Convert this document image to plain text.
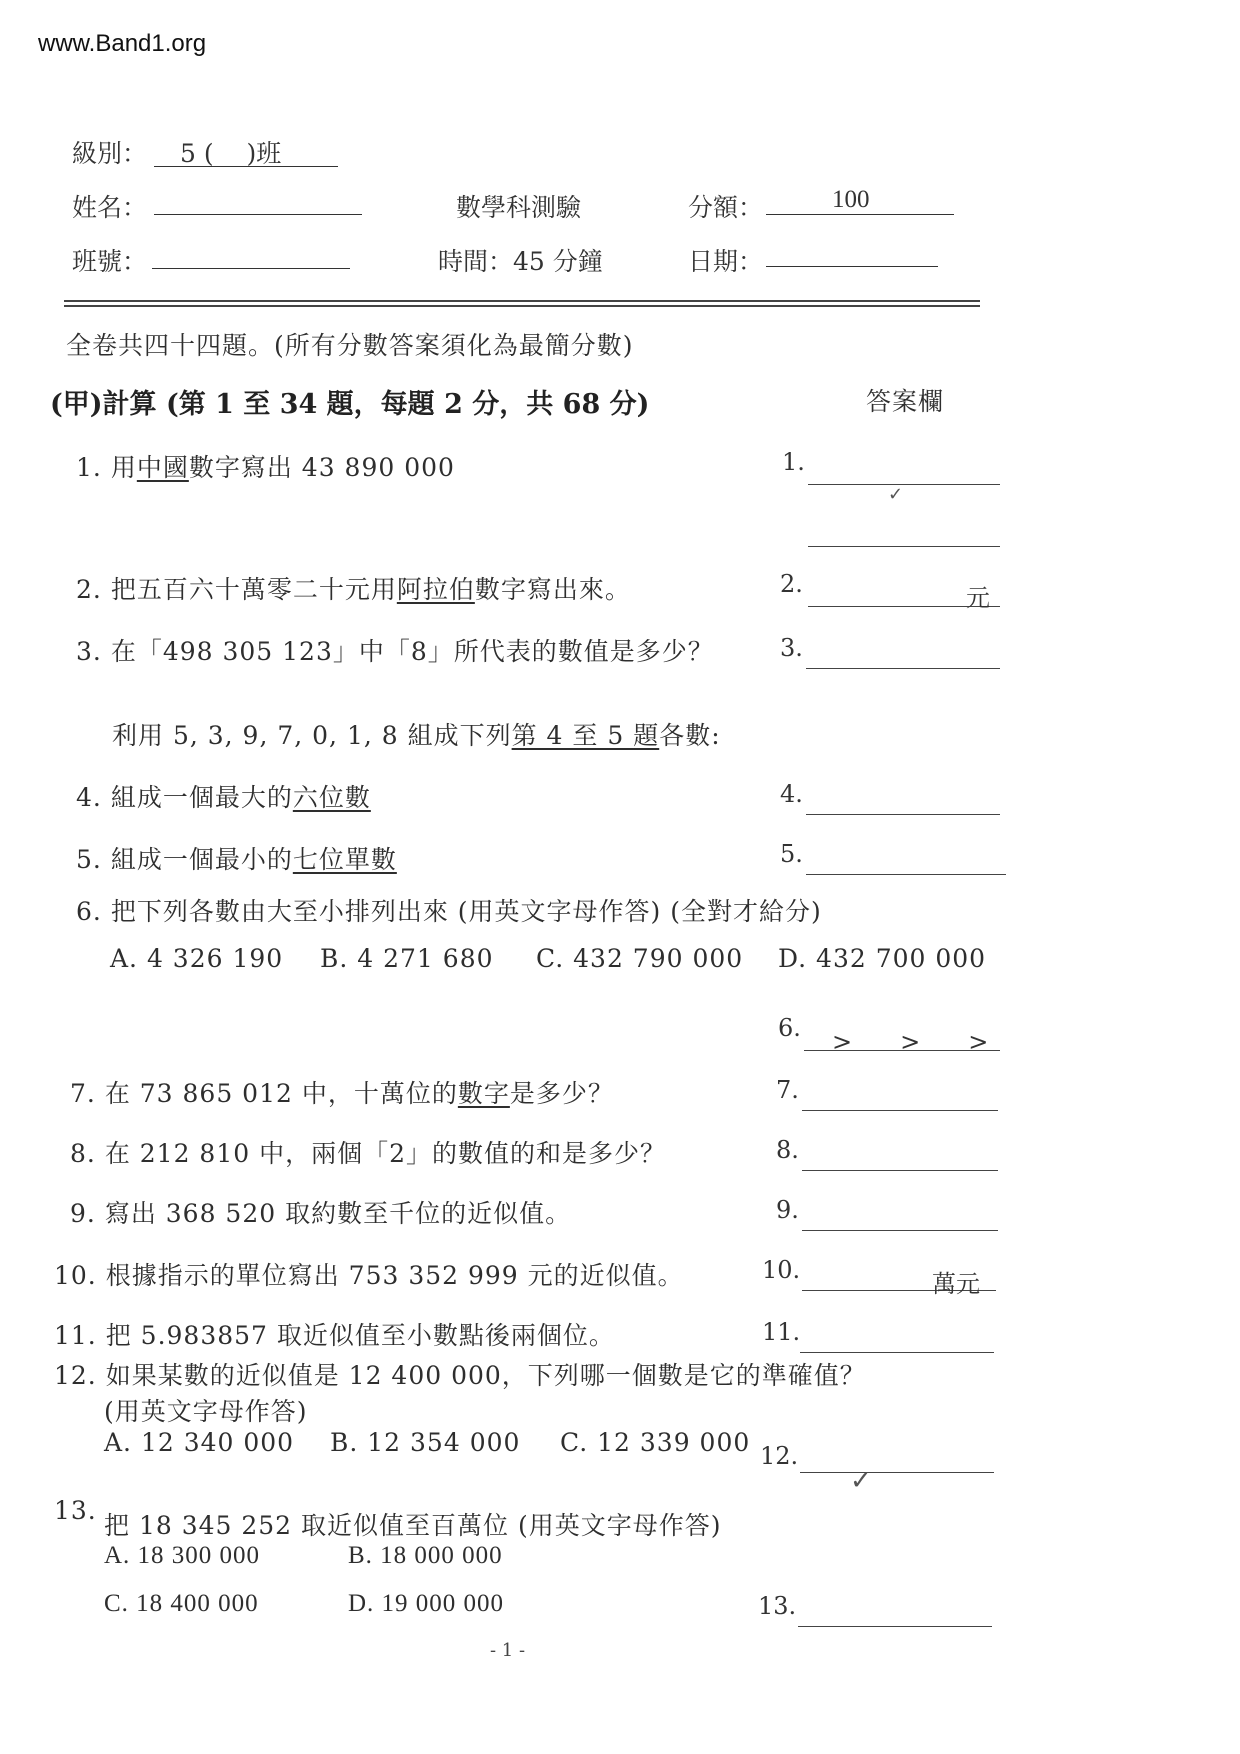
www.Band1.org
級別： 5 (　 )班
姓名：	數學科測驗	分額：	100
班號：	時間：45 分鐘	日期：
全卷共四十四題。(所有分數答案須化為最簡分數)
(甲)計算 (第 1 至 34 題，每題 2 分，共 68 分)	答案欄
1. 用中國數字寫出 43 890 000	1.
✓
2. 把五百六十萬零二十元用阿拉伯數字寫出來。	2.	元
3. 在「498 305 123」中「8」所代表的數值是多少？	3.
利用 5, 3, 9, 7, 0, 1, 8 組成下列第 4 至 5 題各數:
4. 組成一個最大的六位數	4.
5. 組成一個最小的七位單數	5.
6. 把下列各數由大至小排列出來 (用英文字母作答) (全對才給分)
A. 4 326 190 B. 4 271 680 C. 432 790 000 D. 432 700 000
6. >　　>　　>
7. 在 73 865 012 中，十萬位的數字是多少？	7.
8. 在 212 810 中，兩個「2」的數值的和是多少？	8.
9. 寫出 368 520 取約數至千位的近似值。	9.
10. 根據指示的單位寫出 753 352 999 元的近似值。	10.	萬元
11. 把 5.983857 取近似值至小數點後兩個位。	11.
12. 如果某數的近似值是 12 400 000，下列哪一個數是它的準確值？
(用英文字母作答)
A. 12 340 000 B. 12 354 000 C. 12 339 000 12.
✓
13.
把 18 345 252 取近似值至百萬位 (用英文字母作答)
A. 18 300 000	B. 18 000 000
C. 18 400 000	D. 19 000 000	13.
- 1 -
